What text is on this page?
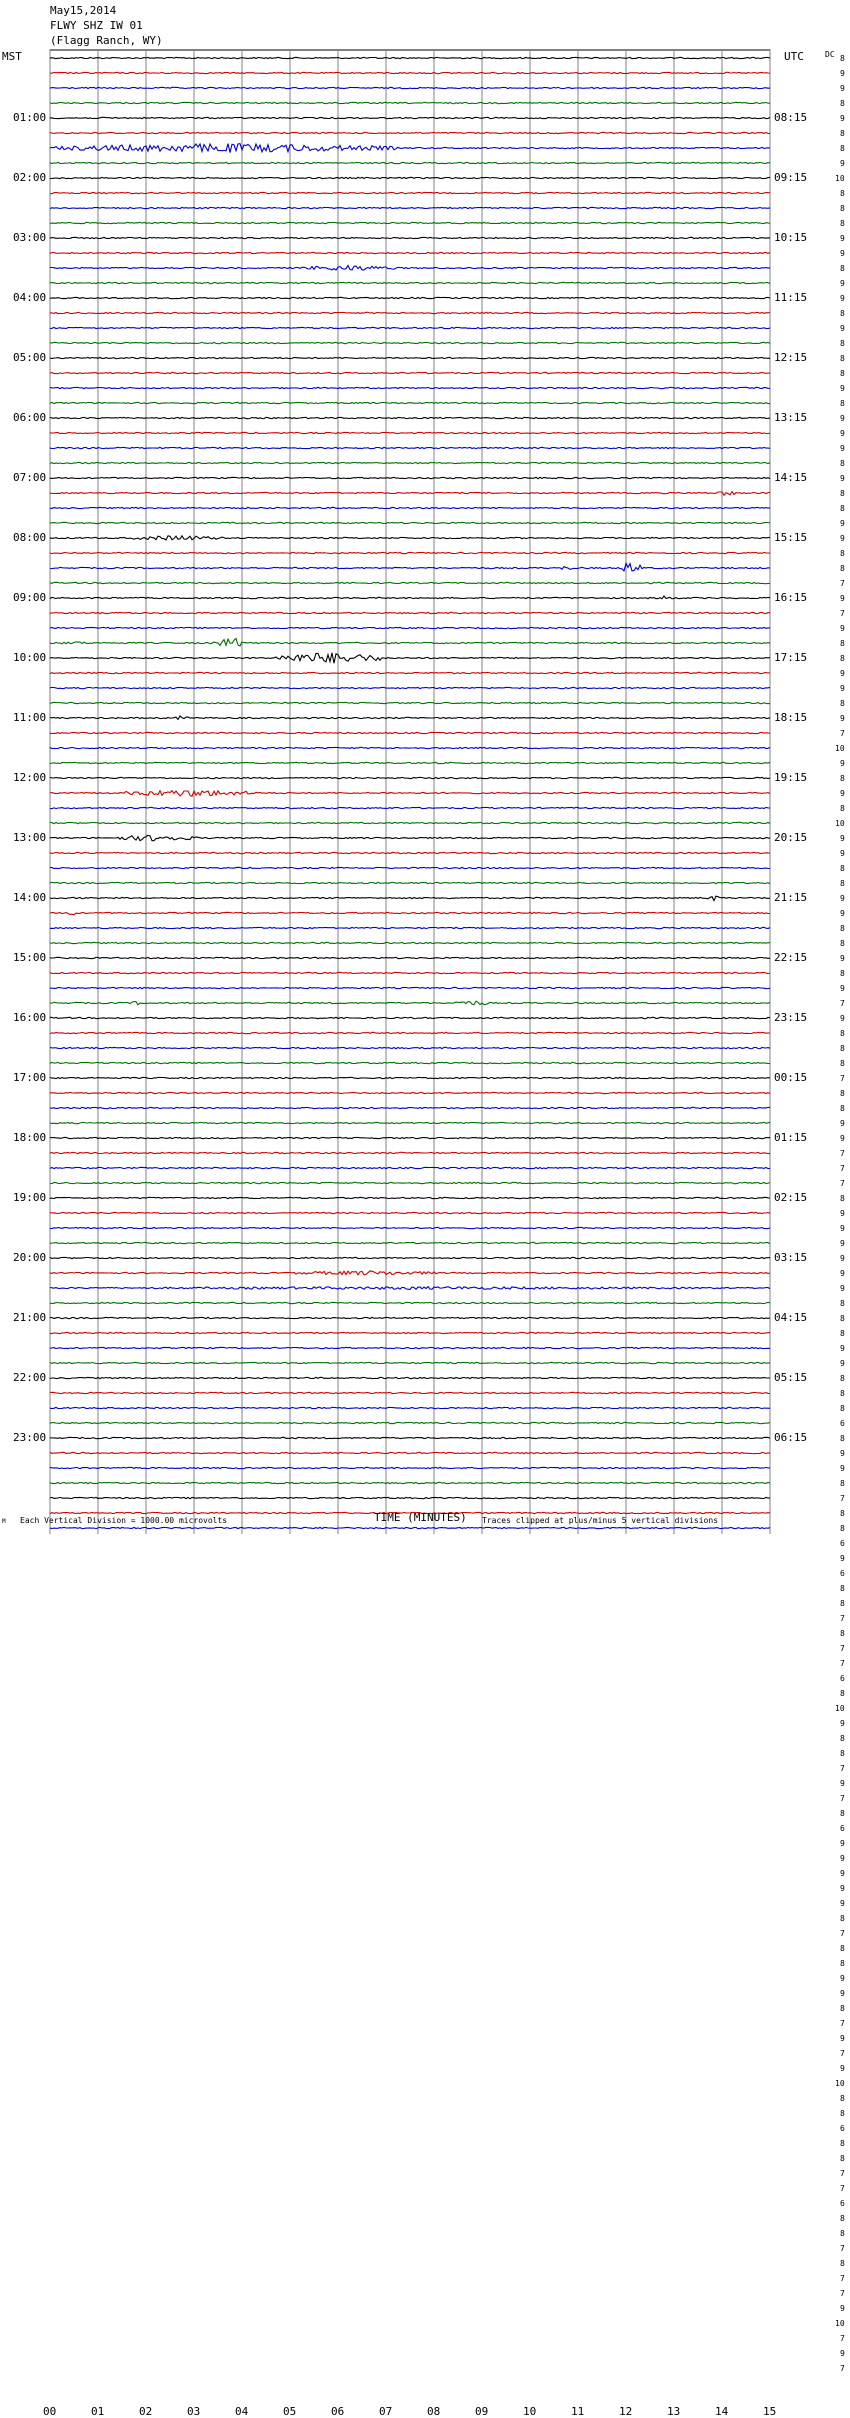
May15,2014
FLWY SHZ IW 01
(Flagg Ranch, WY)
MST	UTC	DC
01:00
02:00
03:00
04:00
05:00
06:00
07:00
08:00
09:00
10:00
11:00
12:00
13:00
14:00
15:00
16:00
17:00
18:00
19:00
20:00
21:00
22:00
23:00
08:15
09:15
10:15
11:15
12:15
13:15
14:15
15:15
16:15
17:15
18:15
19:15
20:15
21:15
22:15
23:15
00:15
01:15
02:15
03:15
04:15
05:15
06:15
8
9
9
8
9
8
8
9
10
8
8
8
9
9
8
9
9
8
9
8
8
8
9
8
9
9
9
8
9
8
8
9
9
8
8
7
9
7
9
8
8
9
9
8
9
7
10
9
8
9
8
10
9
9
8
8
9
9
8
8
9
8
9
7
9
8
8
8
7
8
8
9
9
7
7
7
8
9
9
9
9
9
9
8
8
8
9
9
8
8
8
6
8
9
9
8
7
8
8
6
9
6
8
8
7
8
7
7
6
8
10
9
8
8
7
9
7
8
6
9
9
9
9
9
8
7
8
8
9
9
8
7
9
7
9
10
8
8
6
8
8
7
7
6
8
8
7
8
7
7
9
10
7
9
7
00	01	02	03	04	05	06	07	08	09	10	11	12	13	14	15
TIME (MINUTES)
Each Vertical Division = 1000.00 microvolts	Traces clipped at plus/minus 5 vertical divisions
M
